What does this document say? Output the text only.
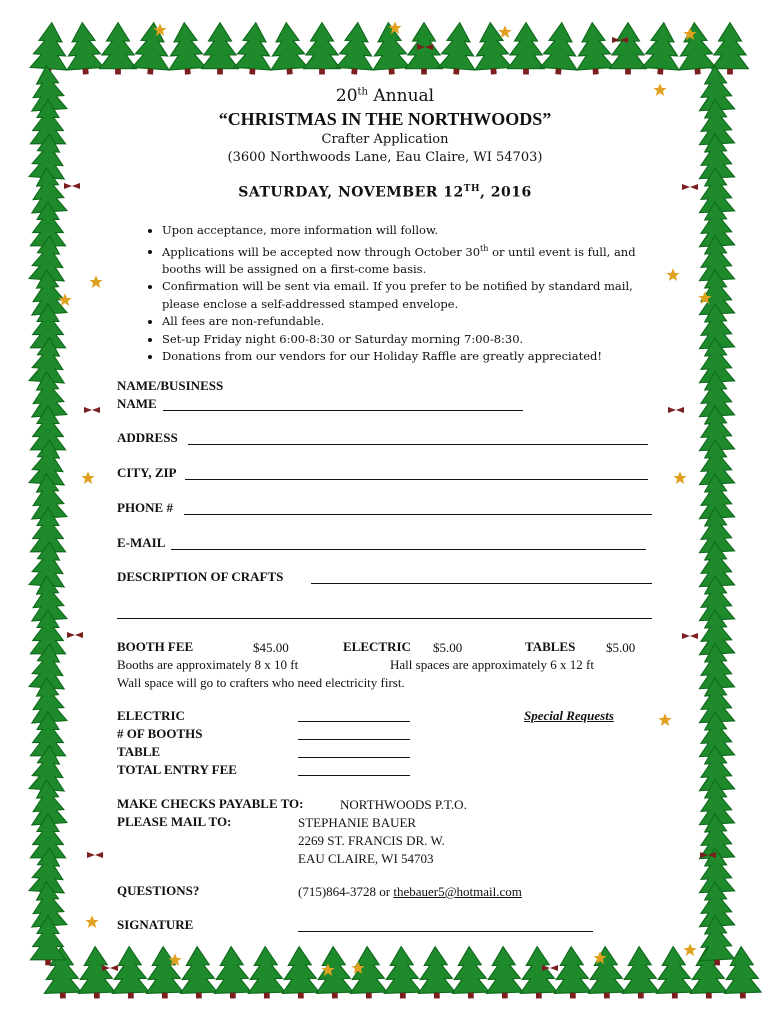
20th Annual
“CHRISTMAS IN THE NORTHWOODS”
Crafter Application
(3600 Northwoods Lane, Eau Claire, WI 54703)
SATURDAY, NOVEMBER 12TH, 2016
• Upon acceptance, more information will follow.
• Applications will be accepted now through October 30th or until event is full, and booths will be assigned on a first-come basis.
• Confirmation will be sent via email. If you prefer to be notified by standard mail, please enclose a self-addressed stamped envelope.
• All fees are non-refundable.
• Set-up Friday night 6:00-8:30 or Saturday morning 7:00-8:30.
• Donations from our vendors for our Holiday Raffle are greatly appreciated!
NAME/BUSINESS
NAME
ADDRESS
CITY, ZIP
PHONE #
E-MAIL
DESCRIPTION OF CRAFTS
BOOTH FEE	$45.00	ELECTRIC $5.00	TABLES $5.00
Booths are approximately 8 x 10 ft	Hall spaces are approximately 6 x 12 ft
Wall space will go to crafters who need electricity first.
ELECTRIC
# OF BOOTHS
TABLE
TOTAL ENTRY FEE
Special Requests
MAKE CHECKS PAYABLE TO:	NORTHWOODS P.T.O.
PLEASE MAIL TO:	STEPHANIE BAUER
2269 ST. FRANCIS DR. W.
EAU CLAIRE, WI 54703
QUESTIONS?	(715)864-3728 or thebauer5@hotmail.com
SIGNATURE
